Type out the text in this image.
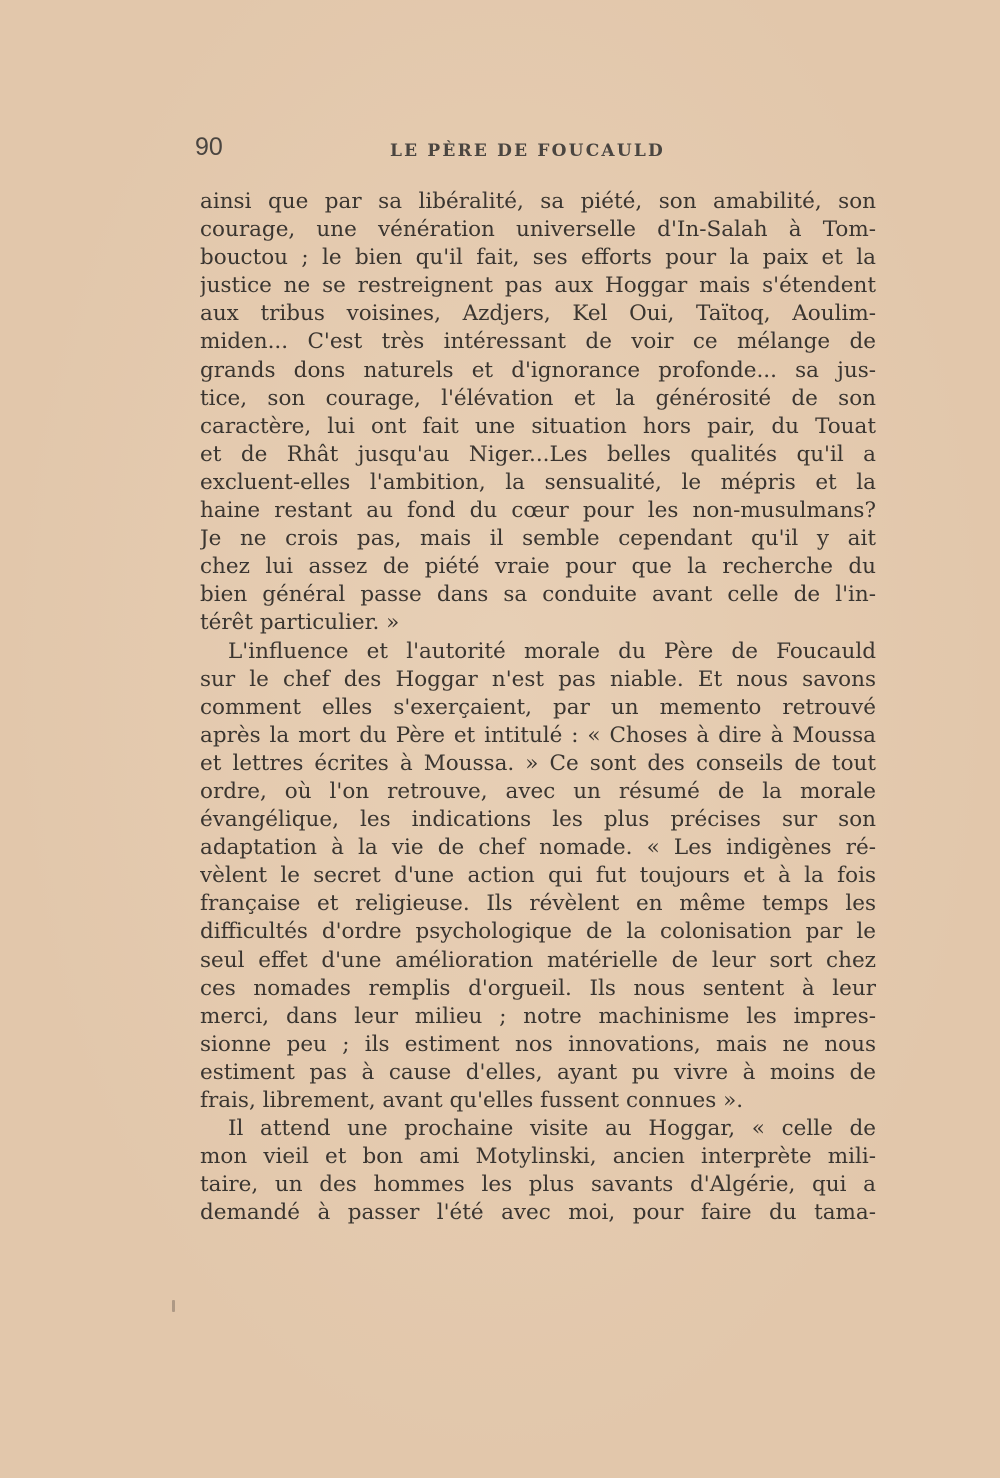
90	LE PÈRE DE FOUCAULD
ainsi que par sa libéralité, sa piété, son amabilité, son
courage, une vénération universelle d'In-Salah à Tom-
bouctou ; le bien qu'il fait, ses efforts pour la paix et la
justice ne se restreignent pas aux Hoggar mais s'étendent
aux tribus voisines, Azdjers, Kel Oui, Taïtoq, Aoulim-
miden... C'est très intéressant de voir ce mélange de
grands dons naturels et d'ignorance profonde... sa jus-
tice, son courage, l'élévation et la générosité de son
caractère, lui ont fait une situation hors pair, du Touat
et de Rhât jusqu'au Niger...Les belles qualités qu'il a
excluent-elles l'ambition, la sensualité, le mépris et la
haine restant au fond du cœur pour les non-musulmans?
Je ne crois pas, mais il semble cependant qu'il y ait
chez lui assez de piété vraie pour que la recherche du
bien général passe dans sa conduite avant celle de l'in-
térêt particulier. »
L'influence et l'autorité morale du Père de Foucauld
sur le chef des Hoggar n'est pas niable. Et nous savons
comment elles s'exerçaient, par un memento retrouvé
après la mort du Père et intitulé : « Choses à dire à Moussa
et lettres écrites à Moussa. » Ce sont des conseils de tout
ordre, où l'on retrouve, avec un résumé de la morale
évangélique, les indications les plus précises sur son
adaptation à la vie de chef nomade. « Les indigènes ré-
vèlent le secret d'une action qui fut toujours et à la fois
française et religieuse. Ils révèlent en même temps les
difficultés d'ordre psychologique de la colonisation par le
seul effet d'une amélioration matérielle de leur sort chez
ces nomades remplis d'orgueil. Ils nous sentent à leur
merci, dans leur milieu ; notre machinisme les impres-
sionne peu ; ils estiment nos innovations, mais ne nous
estiment pas à cause d'elles, ayant pu vivre à moins de
frais, librement, avant qu'elles fussent connues ».
Il attend une prochaine visite au Hoggar, « celle de
mon vieil et bon ami Motylinski, ancien interprète mili-
taire, un des hommes les plus savants d'Algérie, qui a
demandé à passer l'été avec moi, pour faire du tama-
